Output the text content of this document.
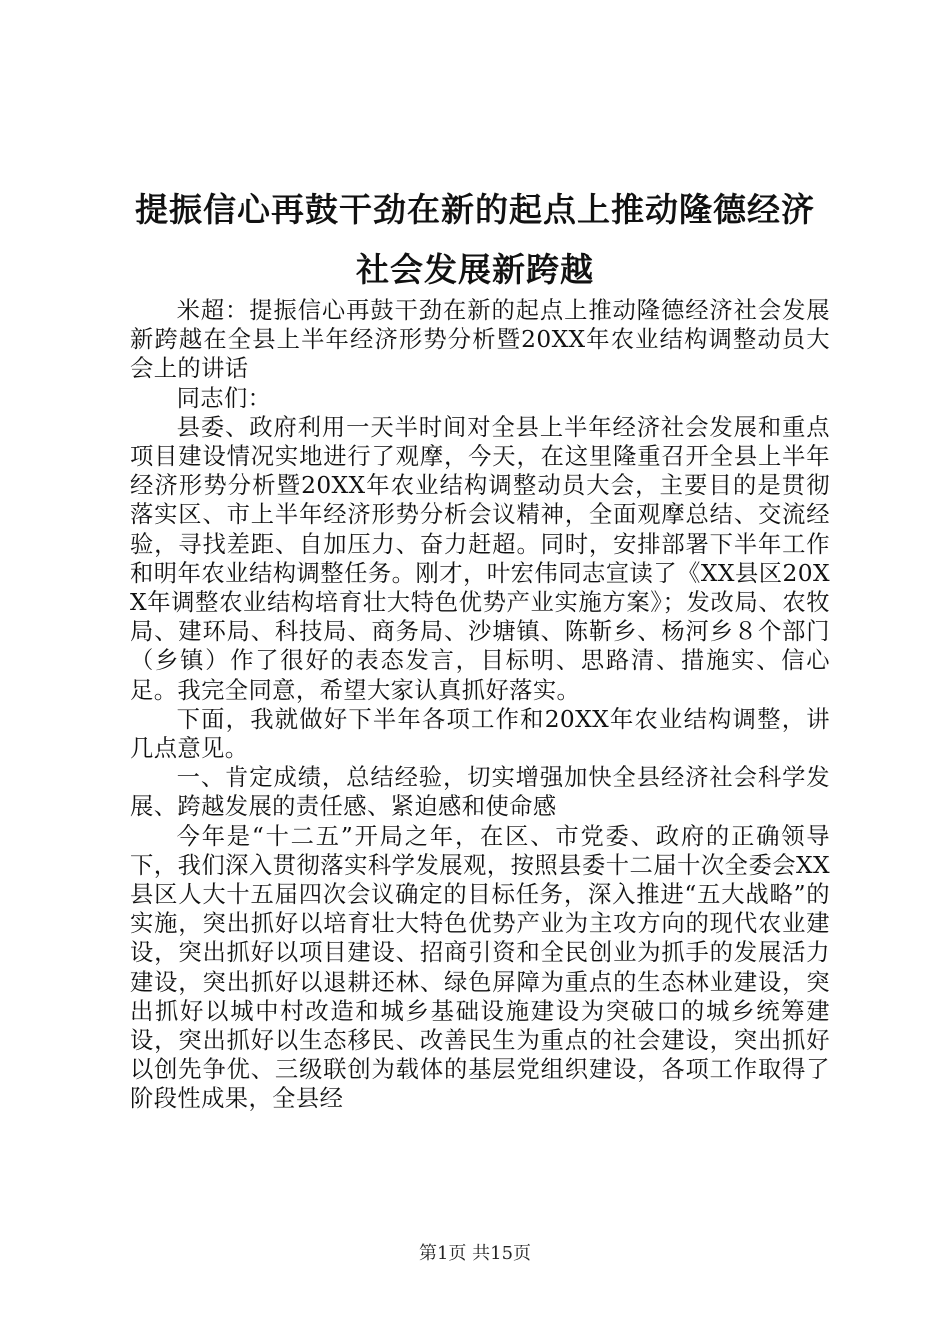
提振信心再鼓干劲在新的起点上推动隆德经济
社会发展新跨越

米超：提振信心再鼓干劲在新的起点上推动隆德经济社会发展新跨越在全县上半年经济形势分析暨20XX年农业结构调整动员大会上的讲话

同志们：

县委、政府利用一天半时间对全县上半年经济社会发展和重点项目建设情况实地进行了观摩，今天，在这里隆重召开全县上半年经济形势分析暨20XX年农业结构调整动员大会，主要目的是贯彻落实区、市上半年经济形势分析会议精神，全面观摩总结、交流经验，寻找差距、自加压力、奋力赶超。同时，安排部署下半年工作和明年农业结构调整任务。刚才，叶宏伟同志宣读了《XX县区20XX年调整农业结构培育壮大特色优势产业实施方案》；发改局、农牧局、建环局、科技局、商务局、沙塘镇、陈靳乡、杨河乡８个部门（乡镇）作了很好的表态发言，目标明、思路清、措施实、信心足。我完全同意，希望大家认真抓好落实。

下面，我就做好下半年各项工作和20XX年农业结构调整，讲几点意见。

一、肯定成绩，总结经验，切实增强加快全县经济社会科学发展、跨越发展的责任感、紧迫感和使命感

今年是“十二五”开局之年，在区、市党委、政府的正确领导下，我们深入贯彻落实科学发展观，按照县委十二届十次全委会XX县区人大十五届四次会议确定的目标任务，深入推进“五大战略”的实施，突出抓好以培育壮大特色优势产业为主攻方向的现代农业建设，突出抓好以项目建设、招商引资和全民创业为抓手的发展活力建设，突出抓好以退耕还林、绿色屏障为重点的生态林业建设，突出抓好以城中村改造和城乡基础设施建设为突破口的城乡统筹建设，突出抓好以生态移民、改善民生为重点的社会建设，突出抓好以创先争优、三级联创为载体的基层党组织建设，各项工作取得了阶段性成果，全县经

第1页 共15页
